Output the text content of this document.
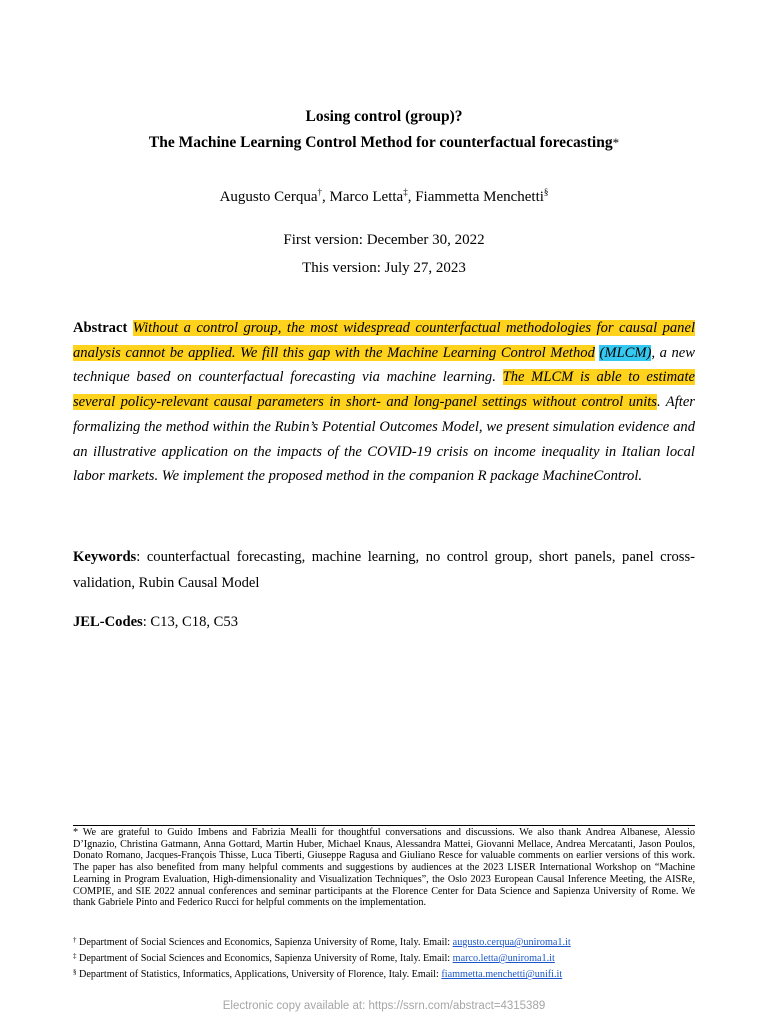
Losing control (group)?
The Machine Learning Control Method for counterfactual forecasting*
Augusto Cerqua†, Marco Letta‡, Fiammetta Menchetti§
First version: December 30, 2022
This version: July 27, 2023
Abstract Without a control group, the most widespread counterfactual methodologies for causal panel analysis cannot be applied. We fill this gap with the Machine Learning Control Method (MLCM), a new technique based on counterfactual forecasting via machine learning. The MLCM is able to estimate several policy-relevant causal parameters in short- and long-panel settings without control units. After formalizing the method within the Rubin’s Potential Outcomes Model, we present simulation evidence and an illustrative application on the impacts of the COVID-19 crisis on income inequality in Italian local labor markets. We implement the proposed method in the companion R package MachineControl.
Keywords: counterfactual forecasting, machine learning, no control group, short panels, panel cross-validation, Rubin Causal Model
JEL-Codes: C13, C18, C53
* We are grateful to Guido Imbens and Fabrizia Mealli for thoughtful conversations and discussions. We also thank Andrea Albanese, Alessio D’Ignazio, Christina Gatmann, Anna Gottard, Martin Huber, Michael Knaus, Alessandra Mattei, Giovanni Mellace, Andrea Mercatanti, Jason Poulos, Donato Romano, Jacques-François Thisse, Luca Tiberti, Giuseppe Ragusa and Giuliano Resce for valuable comments on earlier versions of this work. The paper has also benefited from many helpful comments and suggestions by audiences at the 2023 LISER International Workshop on “Machine Learning in Program Evaluation, High-dimensionality and Visualization Techniques”, the Oslo 2023 European Causal Inference Meeting, the AISRe, COMPIE, and SIE 2022 annual conferences and seminar participants at the Florence Center for Data Science and Sapienza University of Rome. We thank Gabriele Pinto and Federico Rucci for helpful comments on the implementation.
† Department of Social Sciences and Economics, Sapienza University of Rome, Italy. Email: augusto.cerqua@uniroma1.it
‡ Department of Social Sciences and Economics, Sapienza University of Rome, Italy. Email: marco.letta@uniroma1.it
§ Department of Statistics, Informatics, Applications, University of Florence, Italy. Email: fiammetta.menchetti@unifi.it
Electronic copy available at: https://ssrn.com/abstract=4315389
